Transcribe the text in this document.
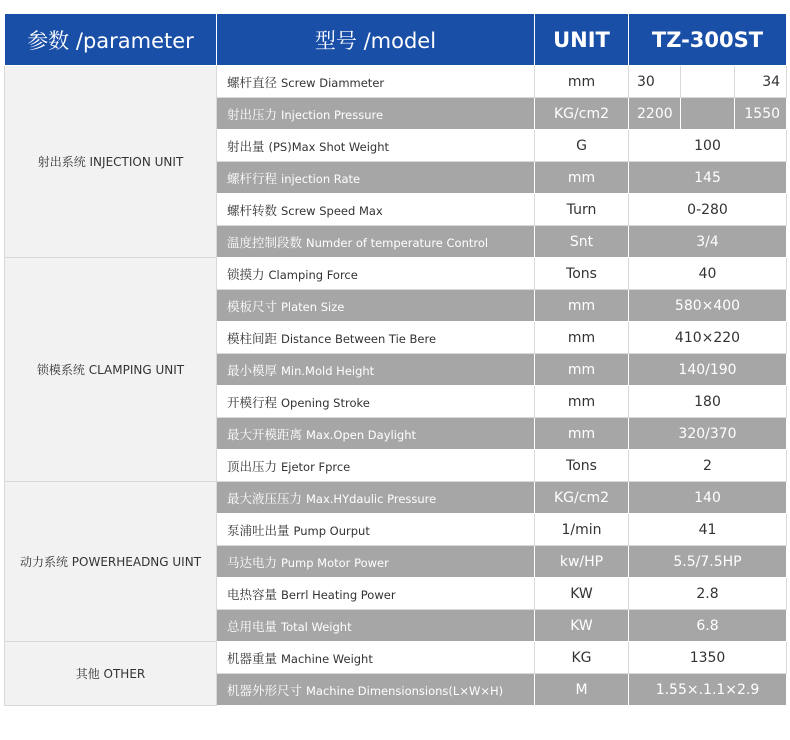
参数 /parameter	型号 /model	UNIT	TZ-300ST		
射出系统 INJECTION UNIT	螺杆直径 Screw Diammeter	mm	30		34
	射出压力 Injection Pressure	KG/cm2	2200		1550
	射出量 (PS)Max Shot Weight	G	100		
	螺杆行程 injection Rate	mm	145		
	螺杆转数 Screw Speed Max	Turn	0-280		
	温度控制段数 Numder of temperature Control	Snt	3/4		
锁模系统 CLAMPING UNIT	锁摸力 Clamping Force	Tons	40		
	模板尺寸 Platen Size	mm	580×400		
	模柱间距 Distance Between Tie Bere	mm	410×220		
	最小模厚 Min.Mold Height	mm	140/190		
	开模行程 Opening Stroke	mm	180		
	最大开模距离 Max.Open Daylight	mm	320/370		
	顶出压力 Ejetor Fprce	Tons	2		
动力系统 POWERHEADNG UINT	最大液压压力 Max.HYdaulic Pressure	KG/cm2	140		
	泵浦吐出量 Pump Ourput	1/min	41		
	马达电力 Pump Motor Power	kw/HP	5.5/7.5HP		
	电热容量 Berrl Heating Power	KW	2.8		
	总用电量 Total Weight	KW	6.8		
其他 OTHER	机器重量 Machine Weight	KG	1350		
	机器外形尺寸 Machine Dimensionsions(L×W×H)	M	1.55×.1.1×2.9		
